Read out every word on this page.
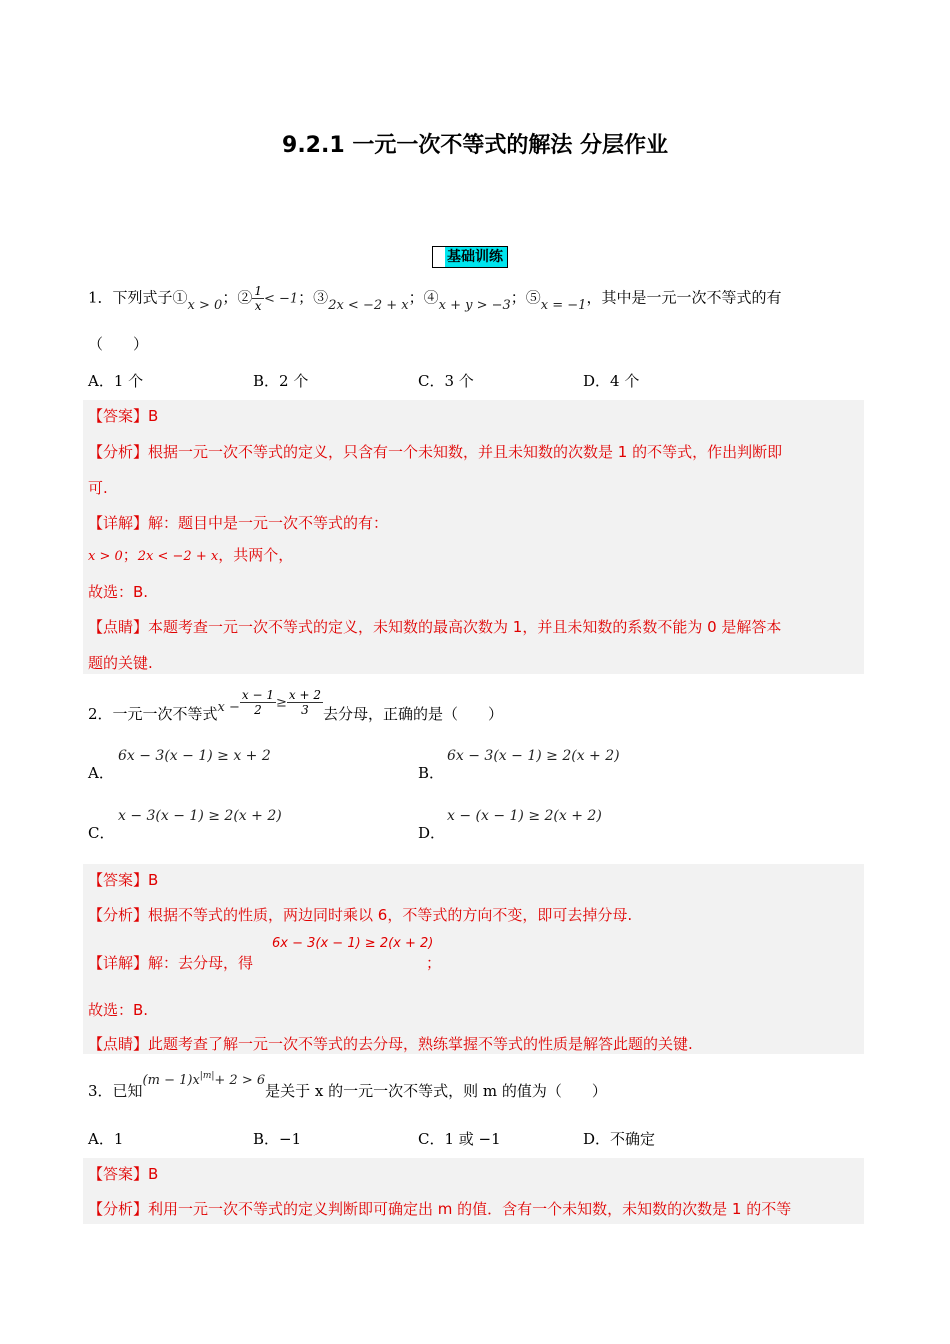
9.2.1 一元一次不等式的解法 分层作业
基础训练
1．下列式子①x > 0；② $\frac{1}{x} < -1$；③2x < −2 + x；④x + y > −3；⑤x = −1，其中是一元一次不等式的有
（　　）
A．1 个	B．2 个	C．3 个	D．4 个
【答案】B
【分析】根据一元一次不等式的定义，只含有一个未知数，并且未知数的次数是 1 的不等式，作出判断即
可.
【详解】解：题目中是一元一次不等式的有：
x > 0；2x < −2 + x，共两个，
故选：B.
【点睛】本题考查一元一次不等式的定义，未知数的最高次数为 1，并且未知数的系数不能为 0 是解答本
题的关键.
2．一元一次不等式$x - \frac{x - 1}{2} \ge \frac{x + 2}{3}$ 去分母，正确的是（　　）
A．
6x − 3(x − 1) ≥ x + 2
B．
6x − 3(x − 1) ≥ 2(x + 2)
C．
x − 3(x − 1) ≥ 2(x + 2)
D．
x − (x − 1) ≥ 2(x + 2)
【答案】B
【分析】根据不等式的性质，两边同时乘以 6，不等式的方向不变，即可去掉分母.
【详解】解：去分母，得
6x − 3(x − 1) ≥ 2(x + 2)
；
故选：B.
【点睛】此题考查了解一元一次不等式的去分母，熟练掌握不等式的性质是解答此题的关键.
3．已知$(m - 1)x^{|m|}+ 2 > 6$是关于 x 的一元一次不等式，则 m 的值为（　　）
A．1	B．−1	C．1 或 −1	D．不确定
【答案】B
【分析】利用一元一次不等式的定义判断即可确定出 m 的值．含有一个未知数，未知数的次数是 1 的不等
